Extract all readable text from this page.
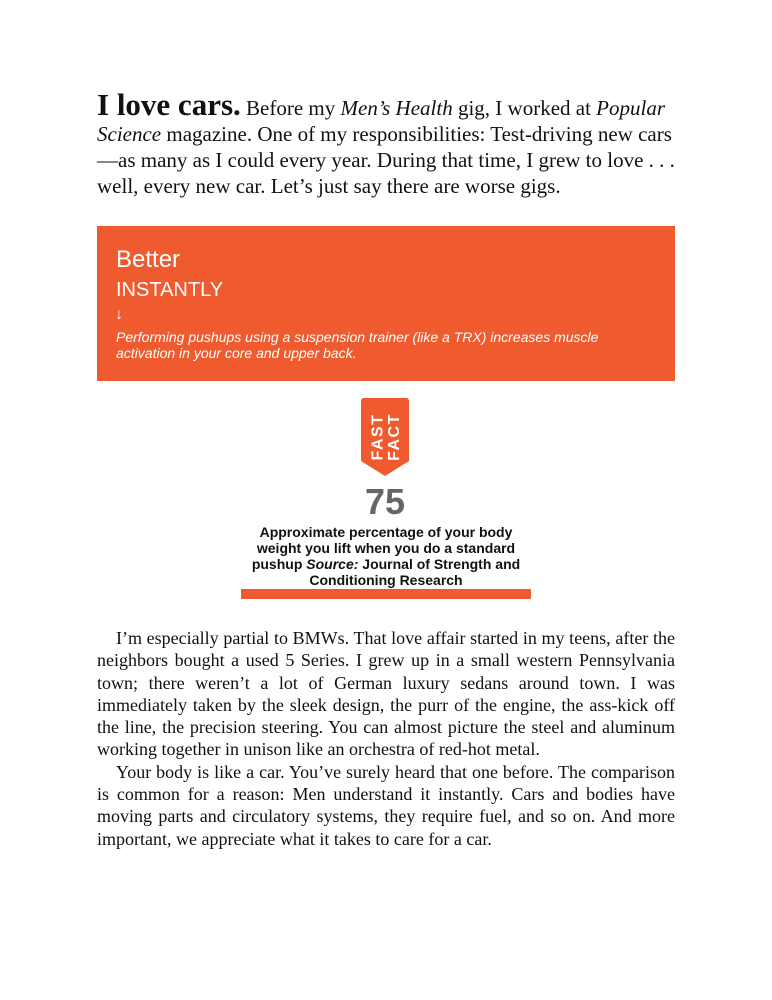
I love cars. Before my Men’s Health gig, I worked at Popular Science magazine. One of my responsibilities: Test-driving new cars—as many as I could every year. During that time, I grew to love . . . well, every new car. Let’s just say there are worse gigs.

Better
INSTANTLY
↓
Performing pushups using a suspension trainer (like a TRX) increases muscle activation in your core and upper back.
FAST FACT
75
Approximate percentage of your body weight you lift when you do a standard pushup Source: Journal of Strength and Conditioning Research

I’m especially partial to BMWs. That love affair started in my teens, after the neighbors bought a used 5 Series. I grew up in a small western Pennsylvania town; there weren’t a lot of German luxury sedans around town. I was immediately taken by the sleek design, the purr of the engine, the ass-kick off the line, the precision steering. You can almost picture the steel and aluminum working together in unison like an orchestra of red-hot metal.

Your body is like a car. You’ve surely heard that one before. The comparison is common for a reason: Men understand it instantly. Cars and bodies have moving parts and circulatory systems, they require fuel, and so on. And more important, we appreciate what it takes to care for a car.
